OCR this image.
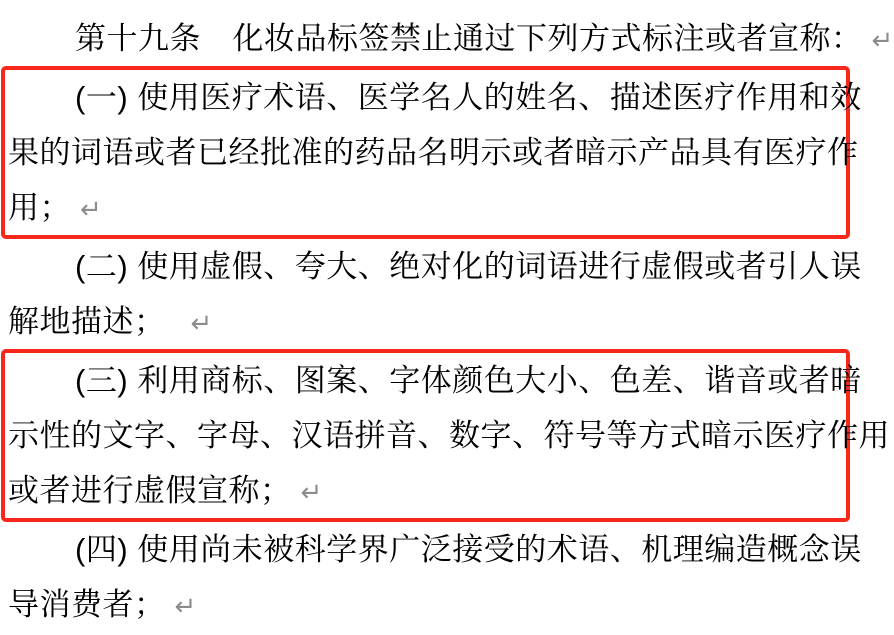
第十九条　化妆品标签禁止通过下列方式标注或者宣称： ↵
(一) 使用医疗术语、医学名人的姓名、描述医疗作用和效
果的词语或者已经批准的药品名明示或者暗示产品具有医疗作
用； ↵
(二) 使用虚假、夸大、绝对化的词语进行虚假或者引人误
解地描述；　↵
(三) 利用商标、图案、字体颜色大小、色差、谐音或者暗
示性的文字、字母、汉语拼音、数字、符号等方式暗示医疗作用
或者进行虚假宣称； ↵
(四) 使用尚未被科学界广泛接受的术语、机理编造概念误
导消费者； ↵
